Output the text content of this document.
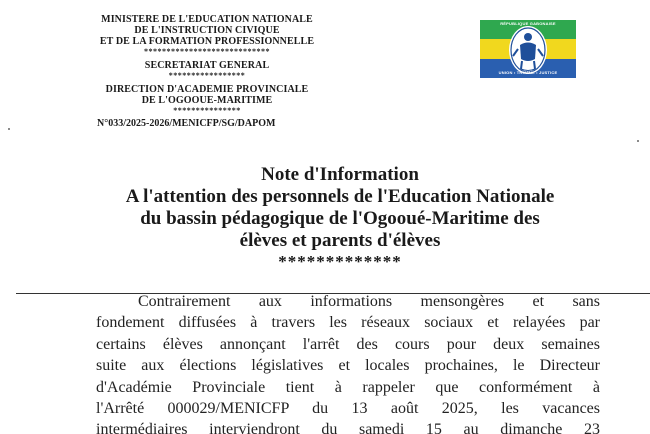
MINISTERE DE L'EDUCATION NATIONALE
DE L'INSTRUCTION CIVIQUE
ET DE LA FORMATION PROFESSIONNELLE
****************************
SECRETARIAT GENERAL
*****************
DIRECTION D'ACADEMIE PROVINCIALE
DE L'OGOOUE-MARITIME
***************
N°033/2025-2026/MENICFP/SG/DAPOM
RÉPUBLIQUE GABONAISE
UNION • TRAVAIL • JUSTICE
Note d'Information
A l'attention des personnels de l'Education Nationale
du bassin pédagogique de l'Ogooué-Maritime des
élèves et parents d'élèves
*************
Contrairement aux informations mensongères et sans
fondement diffusées à travers les réseaux sociaux et relayées par
certains élèves annonçant l'arrêt des cours pour deux semaines
suite aux élections législatives et locales prochaines, le Directeur
d'Académie Provinciale tient à rappeler que conformément à
l'Arrêté 000029/MENICFP du 13 août 2025, les vacances
intermédiaires interviendront du samedi 15 au dimanche 23
